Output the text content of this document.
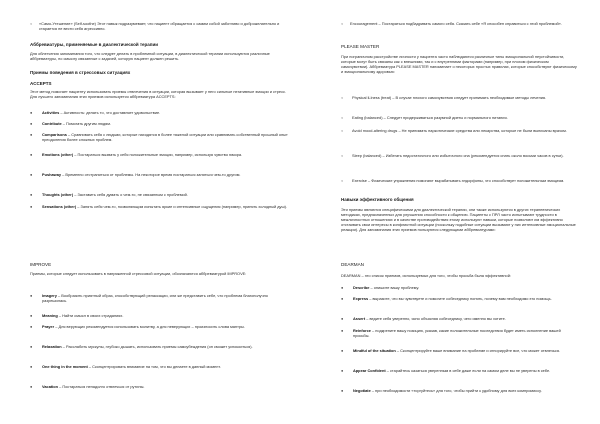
○ «Само-Утешение» (Self-soothe) Этот навык подразумевает, что пациент обращается с самим собой заботливо и доброжелательно и старается не вести себя агрессивно.

Аббревиатуры, применяемые в диалектической терапии

Для облегчения запоминания того, что следует делать в проблемной ситуации, в диалектической терапии используются различные аббревиатуры, по смыслу связанные с задачей, которую пациент должен решить.

Приемы поведения в стрессовых ситуациях

ACCEPTS

Этот метод помогает пациенту использовать приемы отвлечения в ситуации, которая вызывает у него сильные негативные эмоции и стресс. Для лучшего запоминания этих приемов используется аббревиатура ACCEPTS:

● Activities – Активность: делать то, что доставляет удовольствие.
● Contribute – Помогать другим людям.
● Comparisons – Сравнивать себя с людьми, которые находятся в более тяжелой ситуации или сравнивать собственный прошлый опыт преодоления более сложных проблем.
● Emotions (other) – Постараться вызвать у себя положительные эмоции, например, используя чувство юмора.
● Pushaway – Временно отстраниться от проблемы. На некоторое время постараться заняться чем-то другим.
● Thoughts (other) – Заставить себя думать о чем-то, не связанным с проблемой.
● Sensations (other) – Занять себя чем-то, позволяющим испытать яркие и интенсивные ощущения (например, принять холодный душ).

IMPROVE

Приемы, которые следует использовать в напряженной стрессовой ситуации, обозначаются аббревиатурой IMPROVE:

● Imagery – Вообразить приятный образ, способствующий релаксации, или же представить себе, что проблема благополучно разрешилась.
● Meaning – Найти смысл в своих страданиях.
● Prayer – Для верующих рекомендуется использовать молитву, а для неверующих – произносить слова мантры.
● Relaxation – Расслабить мускулы, глубоко дышать, использовать приемы самоубеждения (он сможет успокоиться).
● One thing in the moment – Сконцентрировать внимание на том, что вы делаете в данный момент.
● Vacation – Постараться ненадолго отвлечься от рутины.
○ Encouragement – Постараться подбадривать самого себя. Сказать себе «Я способен справиться с этой проблемой».

PLEASE MASTER

При пограничном расстройстве личности у пациента часто наблюдаются различные типы эмоциональной неустойчивости, которые могут быть связаны как с внешними, так и с внутренними факторами (например, при плохом физическом самочувствии). Аббревиатура PLEASE MASTER напоминает о некоторых простых правилах, которые способствуют физическому и эмоциональному здоровью:

○ Physical iLlness (treat) – В случае плохого самочувствия следует принимать необходимые методы лечения.
○ Eating (balanced) – Следует придерживаться разумной диеты и нормального питания.
○ Avoid mood-altering drugs – Не принимать наркотические средства или лекарства, которые не были выписаны врачом.
○ Sleep (balanced) – Избегать недостаточного или избыточного сна (рекомендуется спать около восьми часов в сутки).
○ Exercise – Физические упражнения помогают вырабатывать эндорфины, что способствует положительным эмоциям.

Навыки эффективного общения

Эти приемы являются специфическими для диалектической терапии, они также используются в других терапевтических методиках, предназначенных для улучшения способности к общению. Пациенты с ПРЛ часто испытывают трудности в межличностных отношениях и в качестве противодействия этому используют навыки, которые позволяют им эффективно отстаивать свои интересы в конфликтной ситуации (поскольку подобные ситуации вызывают у них интенсивные эмоциональные реакции). Для запоминания этих приемов пользуются следующими аббревиатурами:

DEARMAN

DEARMAN – это список приемов, используемых для того, чтобы просьба была эффективной:

● Describe – опишите вашу проблему.
● Express – выразите, что вы чувствуете и помогите собеседнику понять, почему вам необходимо его помощь.
● Assert – ведите себя уверенно, ясно объясняя собеседнику, чего именно вы хотите.
● Reinforce – подкрепите вашу позицию, указав, какие положительные последствия будет иметь исполнение вашей просьбы.
● Mindful of the situation – Сконцентрируйте ваше внимание на проблеме и игнорируйте все, что может отвлечься.
● Appear Confident – старайтесь казаться уверенным в себе даже если на самом деле вы не уверены в себе.
● Negotiate – при необходимости «торгуйтесь» для того, чтобы прийти к удобному для всех компромиссу.
